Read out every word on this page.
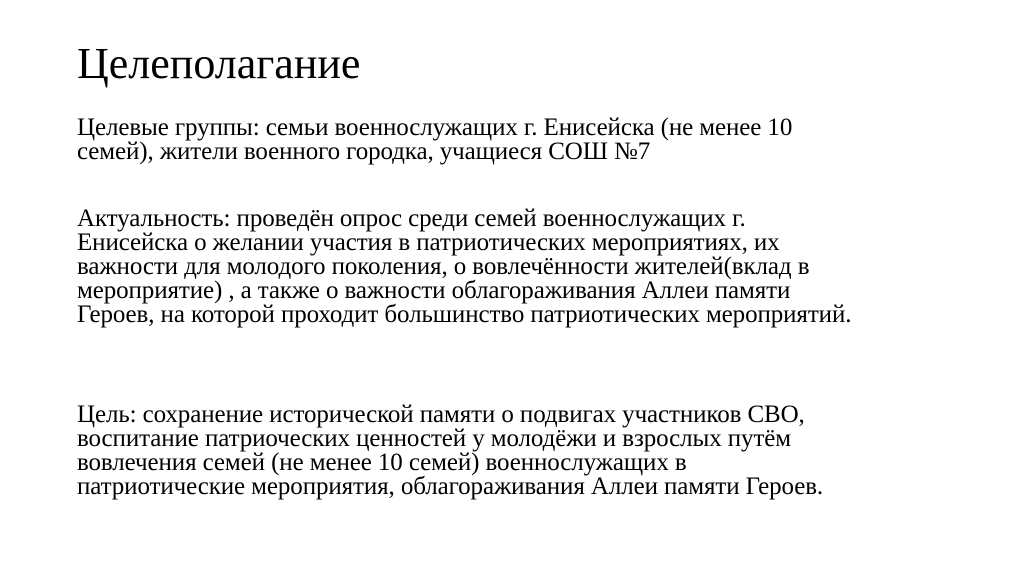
Целеполагание
Целевые группы: семьи военнослужащих г. Енисейска (не менее 10
семей), жители военного городка, учащиеся СОШ №7
Актуальность: проведён опрос среди семей военнослужащих г.
Енисейска о желании участия в патриотических мероприятиях, их
важности для молодого поколения, о вовлечённости жителей(вклад в
мероприятие) , а также о важности облагораживания Аллеи памяти
Героев, на которой проходит большинство патриотических мероприятий.
Цель: сохранение исторической памяти о подвигах участников СВО,
воспитание патриоческих ценностей у молодёжи и взрослых путём
вовлечения семей (не менее 10 семей) военнослужащих в
патриотические мероприятия, облагораживания Аллеи памяти Героев.
